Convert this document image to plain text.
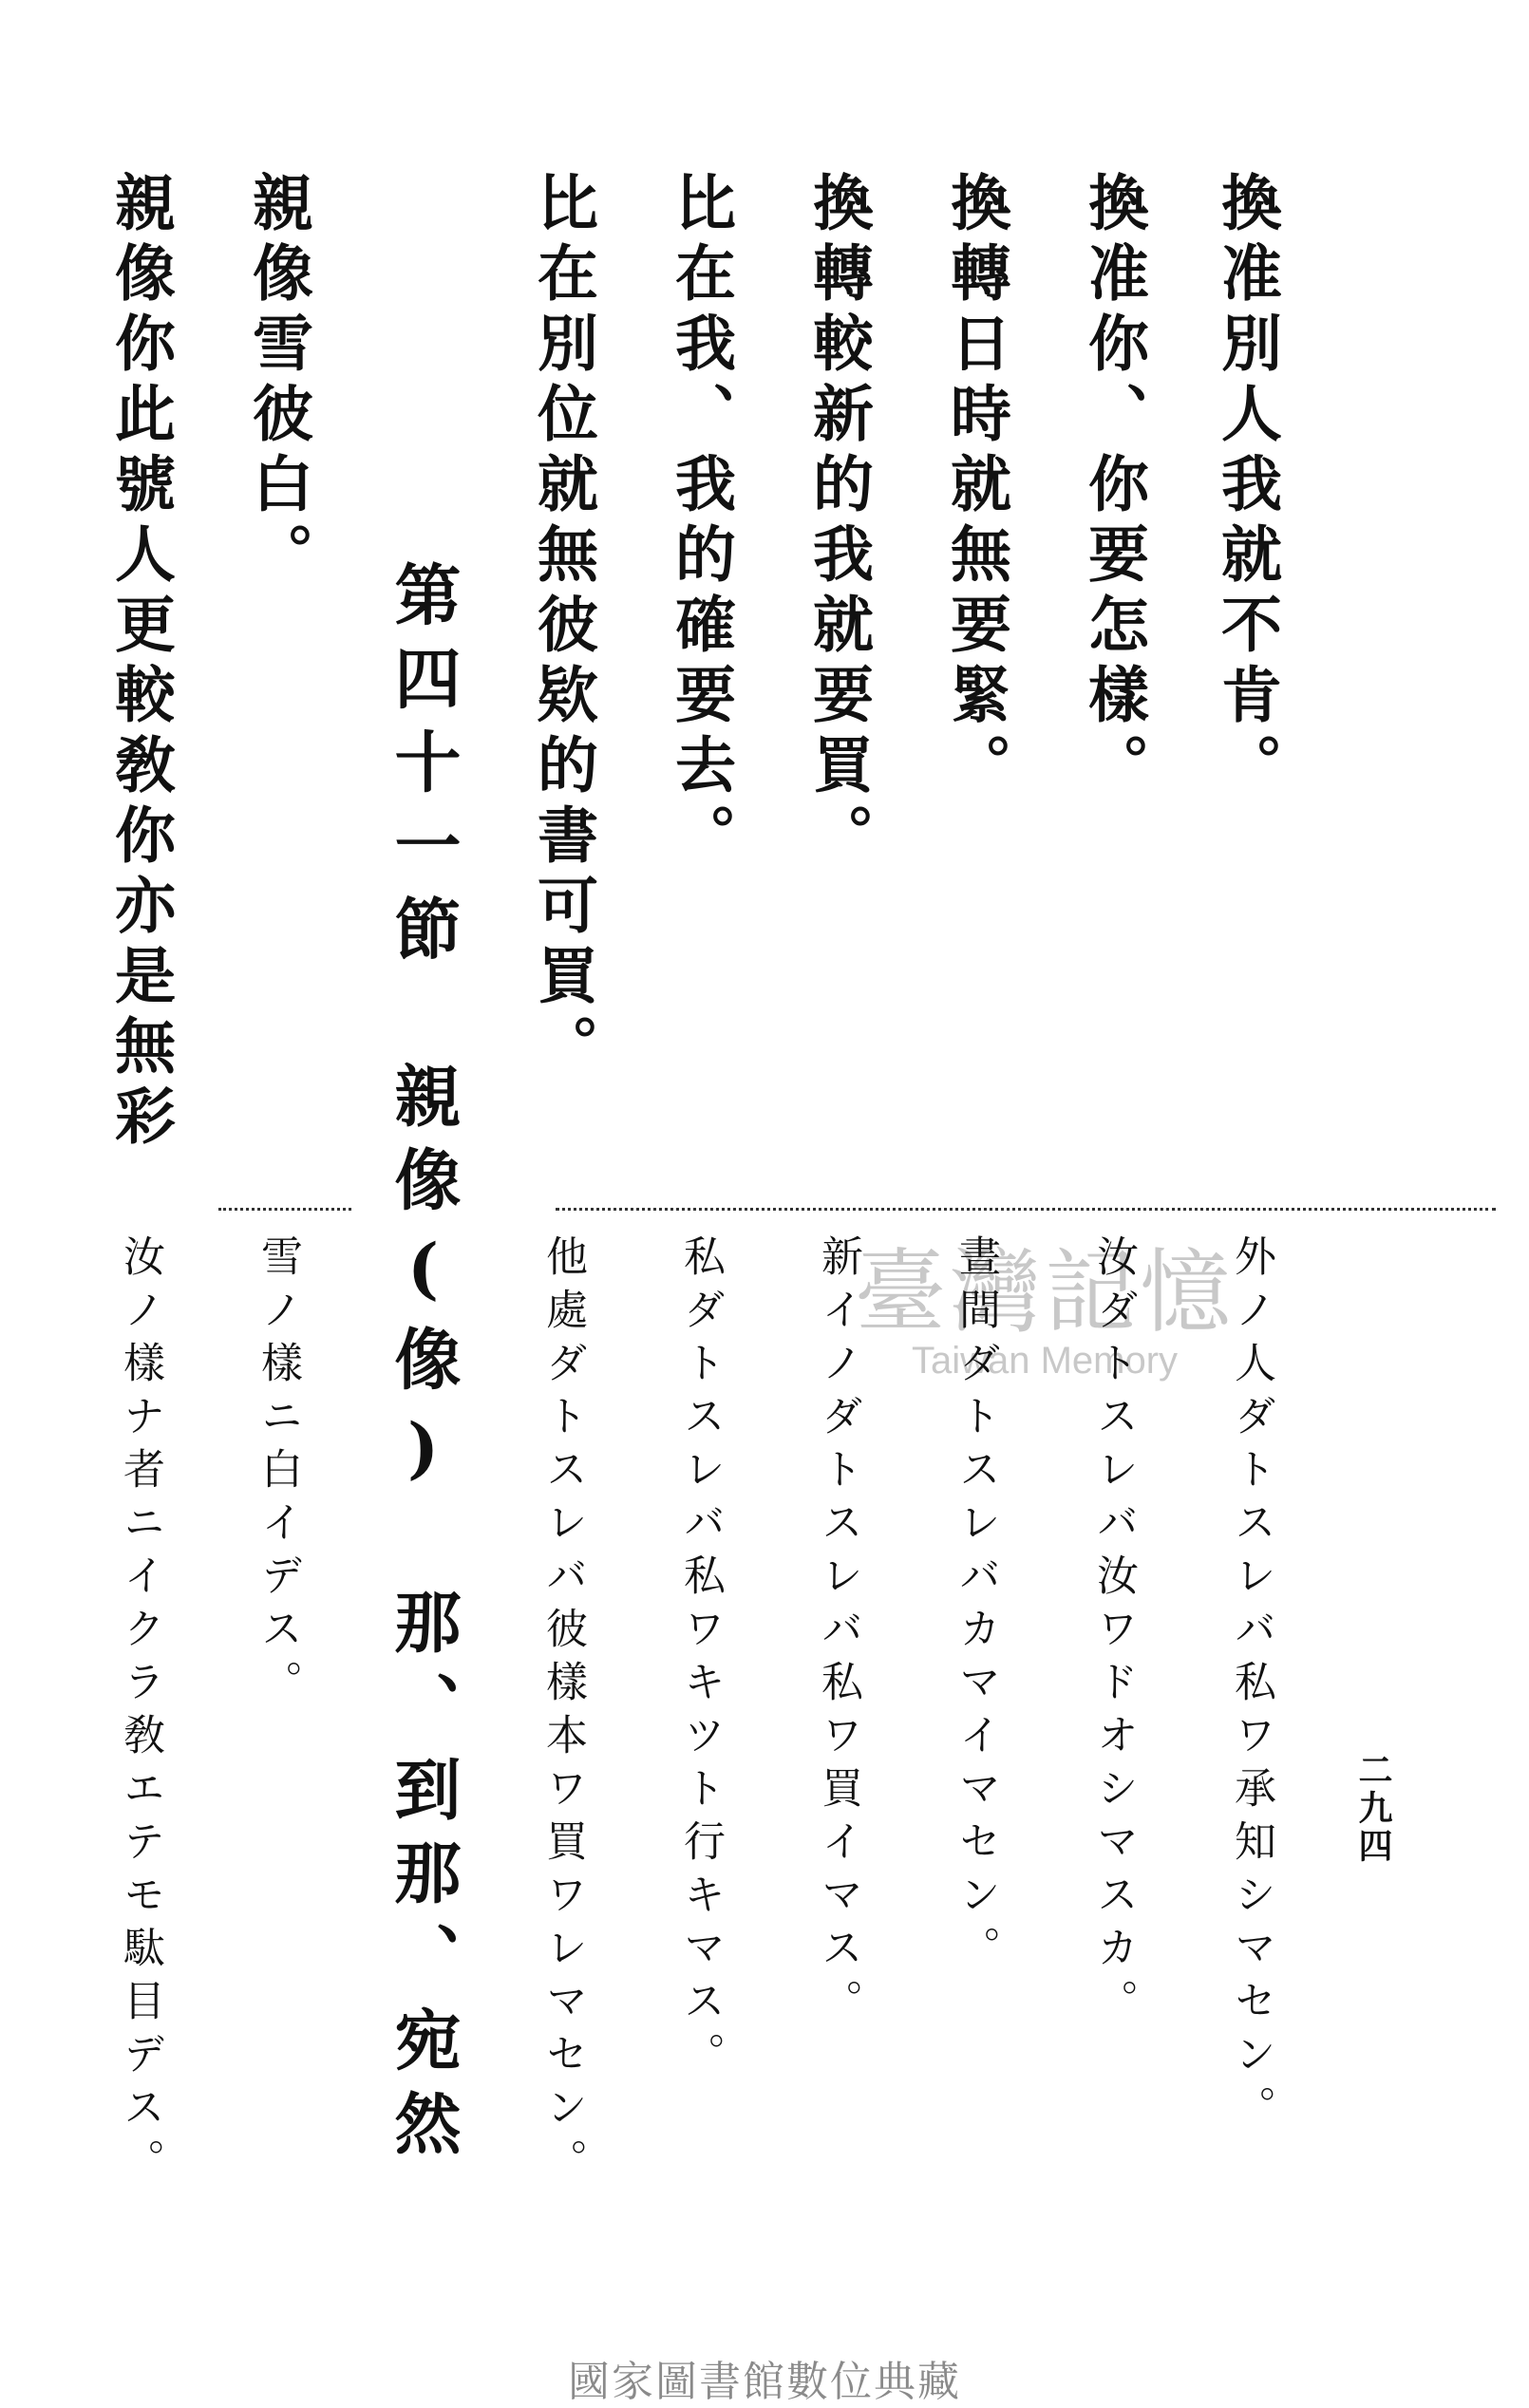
二九四
換准別人我就不肯。
換准你、你要怎樣。
換轉日時就無要緊。
換轉較新的我就要買。
比在我、我的確要去。
比在別位就無彼欵的書可買。
第四十一節　親像(像)　那、到那、宛然
親像雪彼白。
親像你此號人更較敎你亦是無彩
臺灣記憶
Taiwan Memory	外ノ人ダトスレバ私ワ承知シマセン。
汝ダトスレバ汝ワドオシマスカ。
晝間ダトスレバカマイマセン。
新イノダトスレバ私ワ買イマス。
私ダトスレバ私ワキツト行キマス。
他處ダトスレバ彼樣本ワ買ワレマセン。
雪ノ樣ニ白イデス。
汝ノ樣ナ者ニイクラ敎エテモ駄目デス。
國家圖書館數位典藏
